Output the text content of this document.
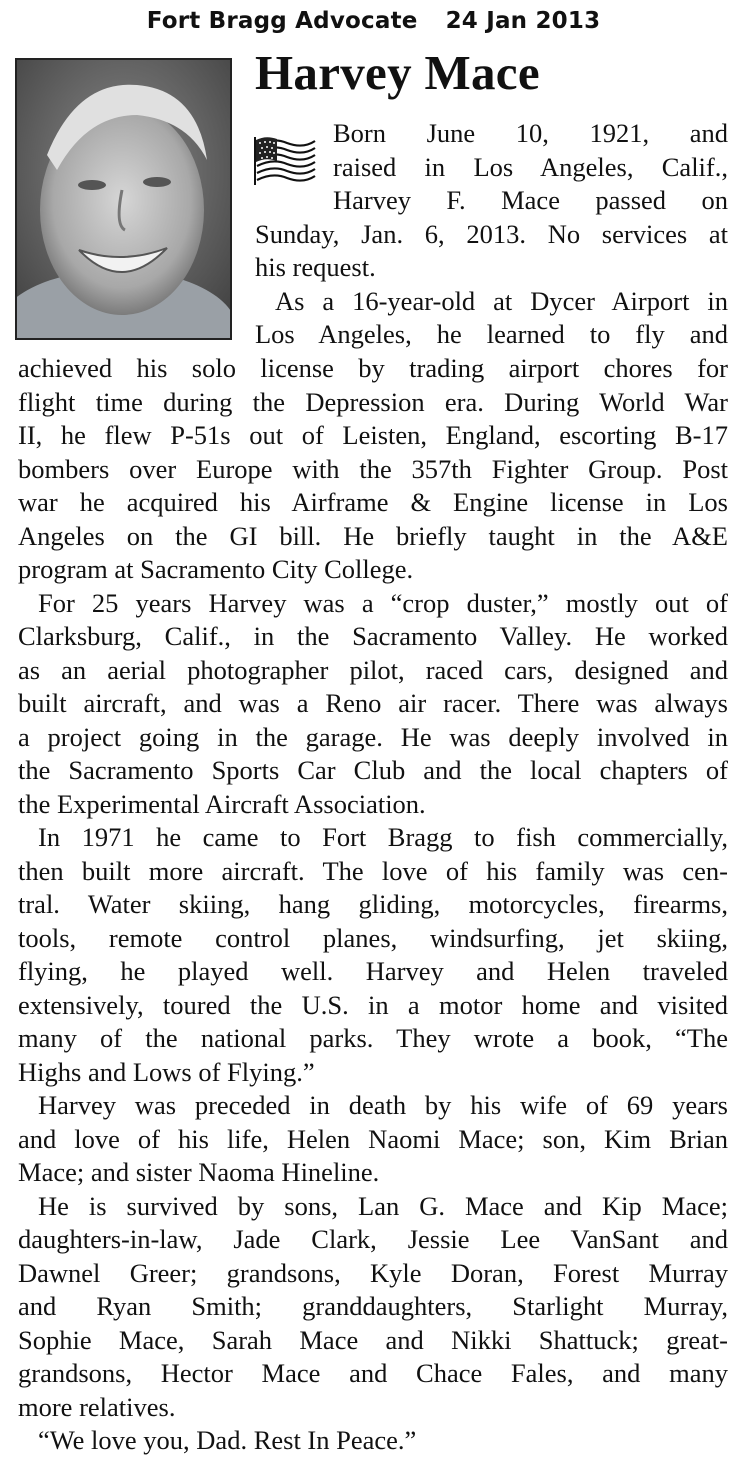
Fort Bragg Advocate 24 Jan 2013
Harvey Mace
Born June 10, 1921, and
raised in Los Angeles, Calif.,
Harvey F. Mace passed on
Sunday, Jan. 6, 2013. No services at
his request.
As a 16-year-old at Dycer Airport in
Los Angeles, he learned to fly and
achieved his solo license by trading airport chores for
flight time during the Depression era. During World War
II, he flew P-51s out of Leisten, England, escorting B-17
bombers over Europe with the 357th Fighter Group. Post
war he acquired his Airframe & Engine license in Los
Angeles on the GI bill. He briefly taught in the A&E
program at Sacramento City College.
For 25 years Harvey was a “crop duster,” mostly out of
Clarksburg, Calif., in the Sacramento Valley. He worked
as an aerial photographer pilot, raced cars, designed and
built aircraft, and was a Reno air racer. There was always
a project going in the garage. He was deeply involved in
the Sacramento Sports Car Club and the local chapters of
the Experimental Aircraft Association.
In 1971 he came to Fort Bragg to fish commercially,
then built more aircraft. The love of his family was cen-
tral. Water skiing, hang gliding, motorcycles, firearms,
tools, remote control planes, windsurfing, jet skiing,
flying, he played well. Harvey and Helen traveled
extensively, toured the U.S. in a motor home and visited
many of the national parks. They wrote a book, “The
Highs and Lows of Flying.”
Harvey was preceded in death by his wife of 69 years
and love of his life, Helen Naomi Mace; son, Kim Brian
Mace; and sister Naoma Hineline.
He is survived by sons, Lan G. Mace and Kip Mace;
daughters-in-law, Jade Clark, Jessie Lee VanSant and
Dawnel Greer; grandsons, Kyle Doran, Forest Murray
and Ryan Smith; granddaughters, Starlight Murray,
Sophie Mace, Sarah Mace and Nikki Shattuck; great-
grandsons, Hector Mace and Chace Fales, and many
more relatives.
“We love you, Dad. Rest In Peace.”
